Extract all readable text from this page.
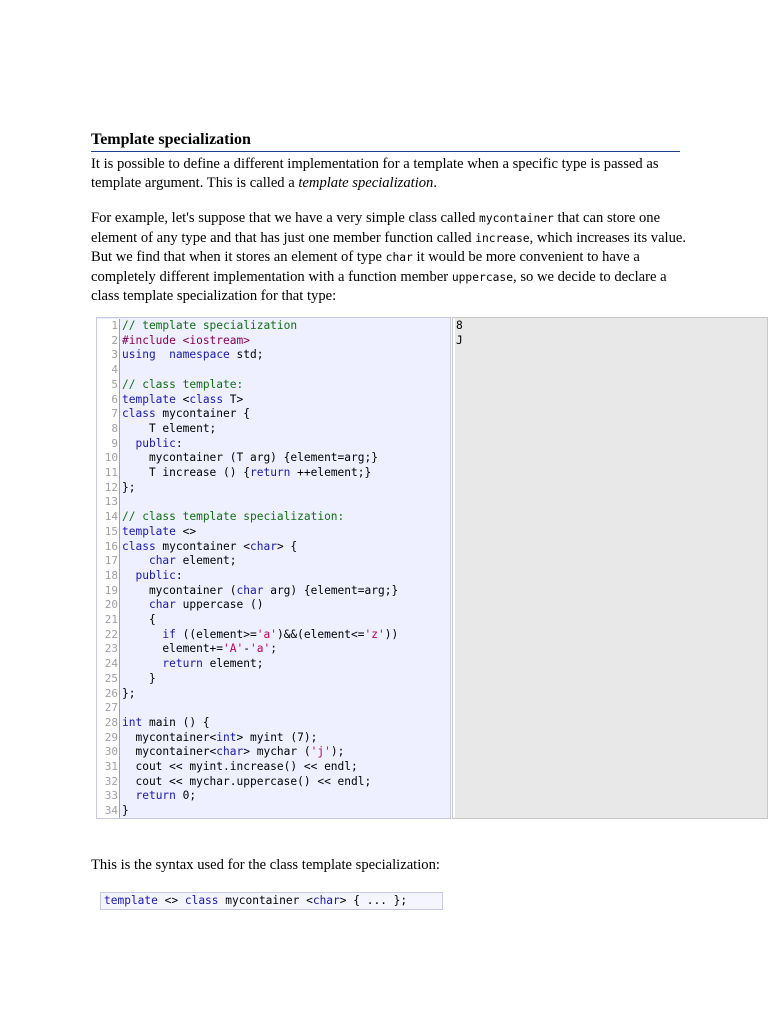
Template specialization
It is possible to define a different implementation for a template when a specific type is passed as template argument. This is called a template specialization.
For example, let's suppose that we have a very simple class called mycontainer that can store one element of any type and that has just one member function called increase, which increases its value. But we find that when it stores an element of type char it would be more convenient to have a completely different implementation with a function member uppercase, so we decide to declare a class template specialization for that type:
1 // template specialization
2 #include <iostream>
3 using namespace std;
4
5 // class template:
6 template <class T>
7 class mycontainer {
8 T element;
9	public:
10 mycontainer (T arg) {element=arg;}
11 T increase () {return ++element;}
12 };
13
14 // class template specialization:
15 template <>
16 class mycontainer <char> {
17	char element;
18	public:
19 mycontainer (char arg) {element=arg;}
20	char uppercase ()
21 {
22	if ((element>='a')&&(element<='z'))
23 element+='A'-'a';
24	return element;
25 }
26 };
27
28 int main () {
29 mycontainer<int> myint (7);
30 mycontainer<char> mychar ('j');
31 cout << myint.increase() << endl;
32 cout << mychar.uppercase() << endl;
33	return 0;
34 }
8
J
This is the syntax used for the class template specialization:
template <> class mycontainer <char> { ... };
